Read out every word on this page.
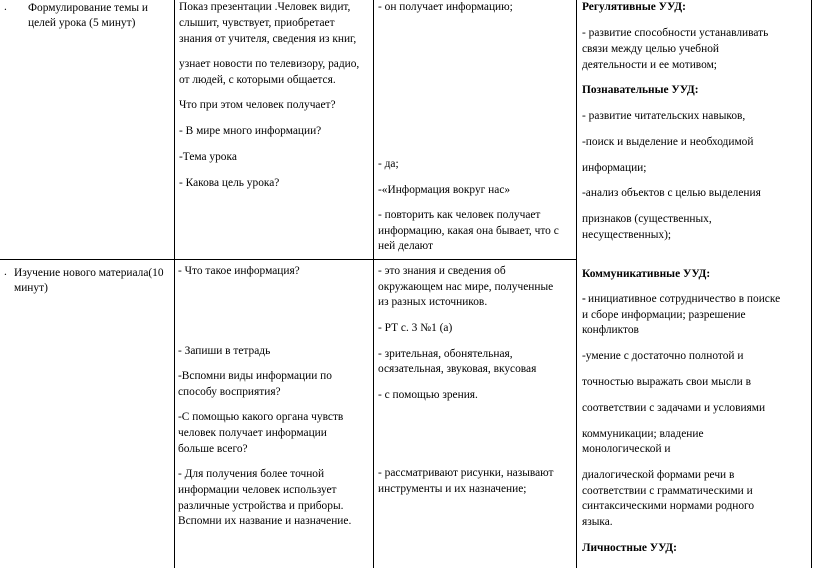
. Формулирование темы и

целей урока (5 минут)

Показ презентации .Человек видит,

слышит, чувствует, приобретает

знания от учителя, сведения из книг,

узнает новости по телевизору, радио,

от людей, с которыми общается.

Что при этом человек получает?

- В мире много информации?

-Тема урока

- Какова цель урока?

- он получает информацию;

- да;

-«Информация вокруг нас»

- повторить как человек получает

информацию, какая она бывает, что с

ней делают

. Изучение нового материала(10

минут)

- Что такое информация?

- Запиши в тетрадь

-Вспомни виды информации по

способу восприятия?

-С помощью какого органа чувств

человек получает информации

больше всего?

- Для получения более точной

информации человек использует

различные устройства и приборы.

Вспомни их название и назначение.

- это знания и сведения об

окружающем нас мире, полученные

из разных источников.

- РТ с. 3 №1 (а)

- зрительная, обонятельная,

осязательная, звуковая, вкусовая

- с помощью зрения.

- рассматривают рисунки, называют

инструменты и их назначение;

Регулятивные УУД:

- развитие способности устанавливать

связи между целью учебной

деятельности и ее мотивом;

Познавательные УУД:

- развитие читательских навыков,

-поиск и выделение и необходимой

информации;

-анализ объектов с целью выделения

признаков (существенных,

несущественных);

Коммуникативные УУД:

- инициативное сотрудничество в поиске

и сборе информации; разрешение

конфликтов

-умение с достаточно полнотой и

точностью выражать свои мысли в

соответствии с задачами и условиями

коммуникации; владение

монологической и

диалогической формами речи в

соответствии с грамматическими и

синтаксическими нормами родного

языка.

Личностные УУД:
